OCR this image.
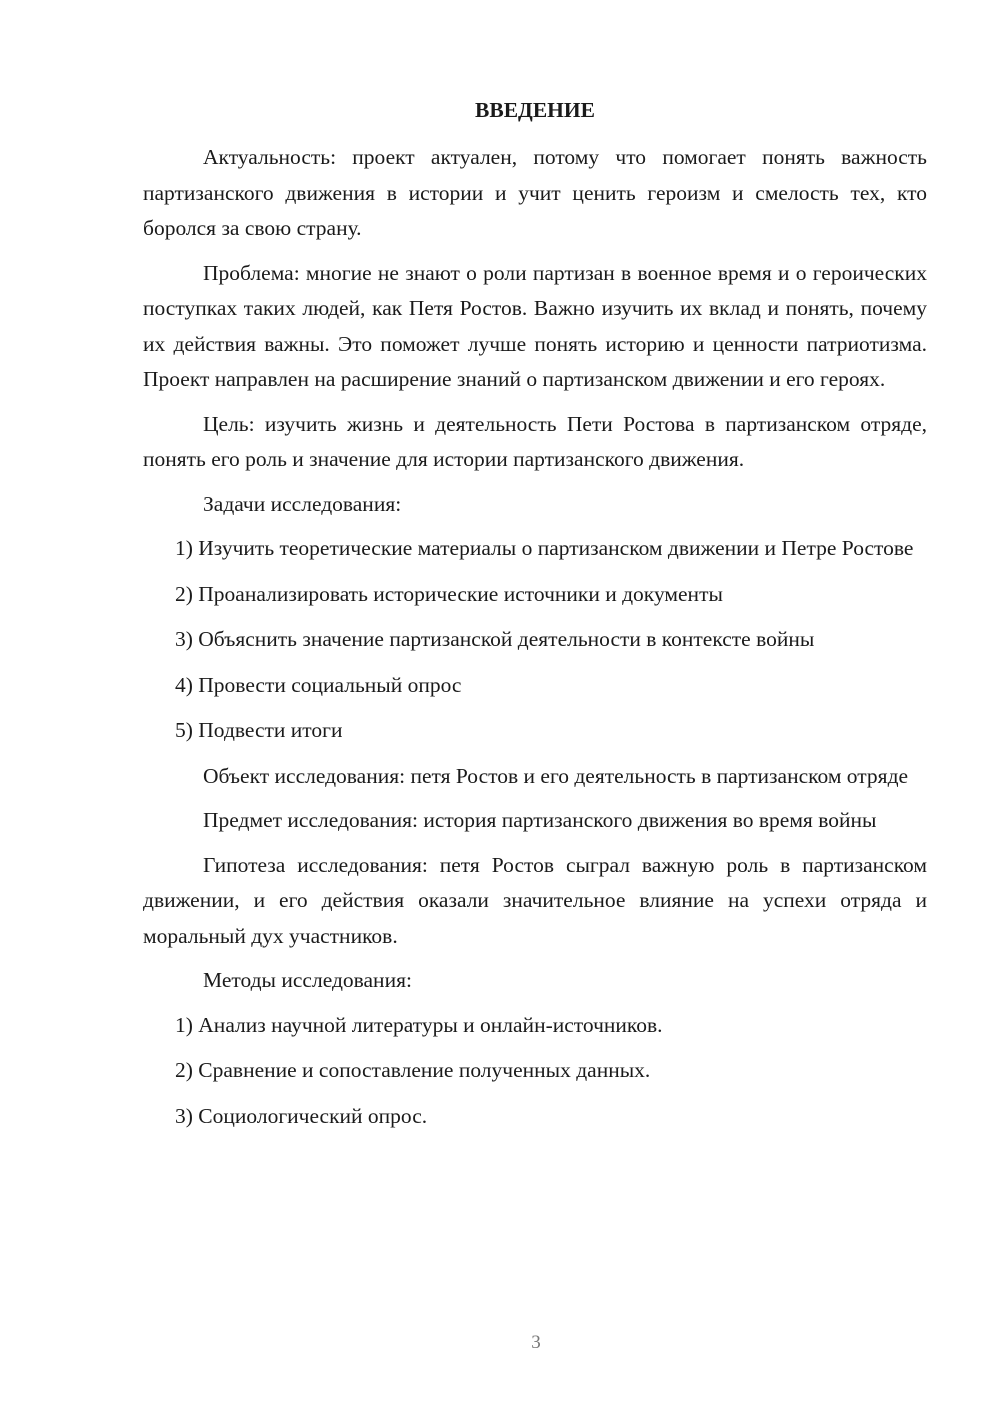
ВВЕДЕНИЕ

Актуальность: проект актуален, потому что помогает понять важность партизанского движения в истории и учит ценить героизм и смелость тех, кто боролся за свою страну.

Проблема: многие не знают о роли партизан в военное время и о героических поступках таких людей, как Петя Ростов. Важно изучить их вклад и понять, почему их действия важны. Это поможет лучше понять историю и ценности патриотизма. Проект направлен на расширение знаний о партизанском движении и его героях.

Цель: изучить жизнь и деятельность Пети Ростова в партизанском отряде, понять его роль и значение для истории партизанского движения.

Задачи исследования:

1) Изучить теоретические материалы о партизанском движении и Петре Ростове

2) Проанализировать исторические источники и документы

3) Объяснить значение партизанской деятельности в контексте войны

4) Провести социальный опрос

5) Подвести итоги

Объект исследования: петя Ростов и его деятельность в партизанском отряде

Предмет исследования: история партизанского движения во время войны

Гипотеза исследования: петя Ростов сыграл важную роль в партизанском движении, и его действия оказали значительное влияние на успехи отряда и моральный дух участников.

Методы исследования:

1) Анализ научной литературы и онлайн-источников.

2) Сравнение и сопоставление полученных данных.

3) Социологический опрос.

3
